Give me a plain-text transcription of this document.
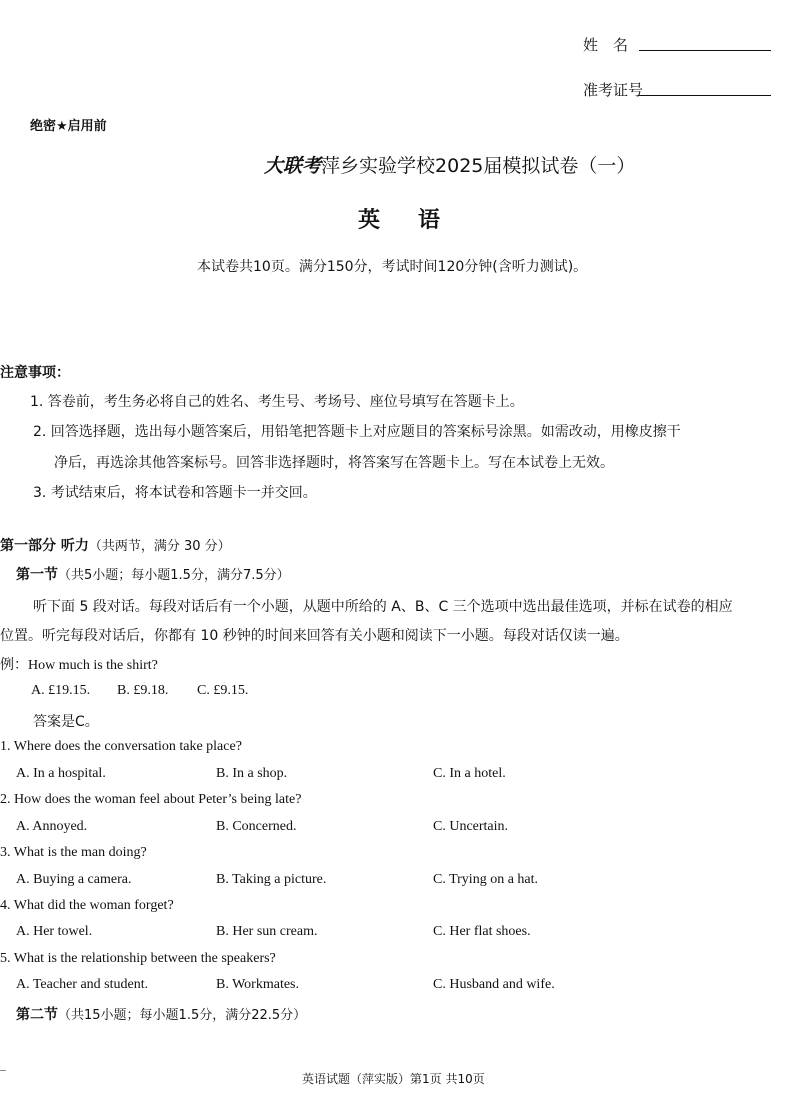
姓　名
准考证号
绝密★启用前
大联考萍乡实验学校2025届模拟试卷（一）
英 语
本试卷共10页。满分150分，考试时间120分钟(含听力测试)。
注意事项：
1. 答卷前，考生务必将自己的姓名、考生号、考场号、座位号填写在答题卡上。
2. 回答选择题，选出每小题答案后，用铅笔把答题卡上对应题目的答案标号涂黑。如需改动，用橡皮擦干
净后，再选涂其他答案标号。回答非选择题时，将答案写在答题卡上。写在本试卷上无效。
3. 考试结束后，将本试卷和答题卡一并交回。
第一部分 听力（共两节，满分 30 分）
第一节（共5小题；每小题1.5分，满分7.5分）
听下面 5 段对话。每段对话后有一个小题，从题中所给的 A、B、C 三个选项中选出最佳选项，并标在试卷的相应
位置。听完每段对话后，你都有 10 秒钟的时间来回答有关小题和阅读下一小题。每段对话仅读一遍。
例：How much is the shirt?
A. £19.15. B. £9.18. C. £9.15.
答案是C。
1. Where does the conversation take place?
A. In a hospital.	B. In a shop.	C. In a hotel.
2. How does the woman feel about Peter’s being late?
A. Annoyed.	B. Concerned.	C. Uncertain.
3. What is the man doing?
A. Buying a camera.	B. Taking a picture.	C. Trying on a hat.
4. What did the woman forget?
A. Her towel.	B. Her sun cream.	C. Her flat shoes.
5. What is the relationship between the speakers?
A. Teacher and student.	B. Workmates.	C. Husband and wife.
第二节（共15小题；每小题1.5分，满分22.5分）
英语试题（萍实版）第1页 共10页
